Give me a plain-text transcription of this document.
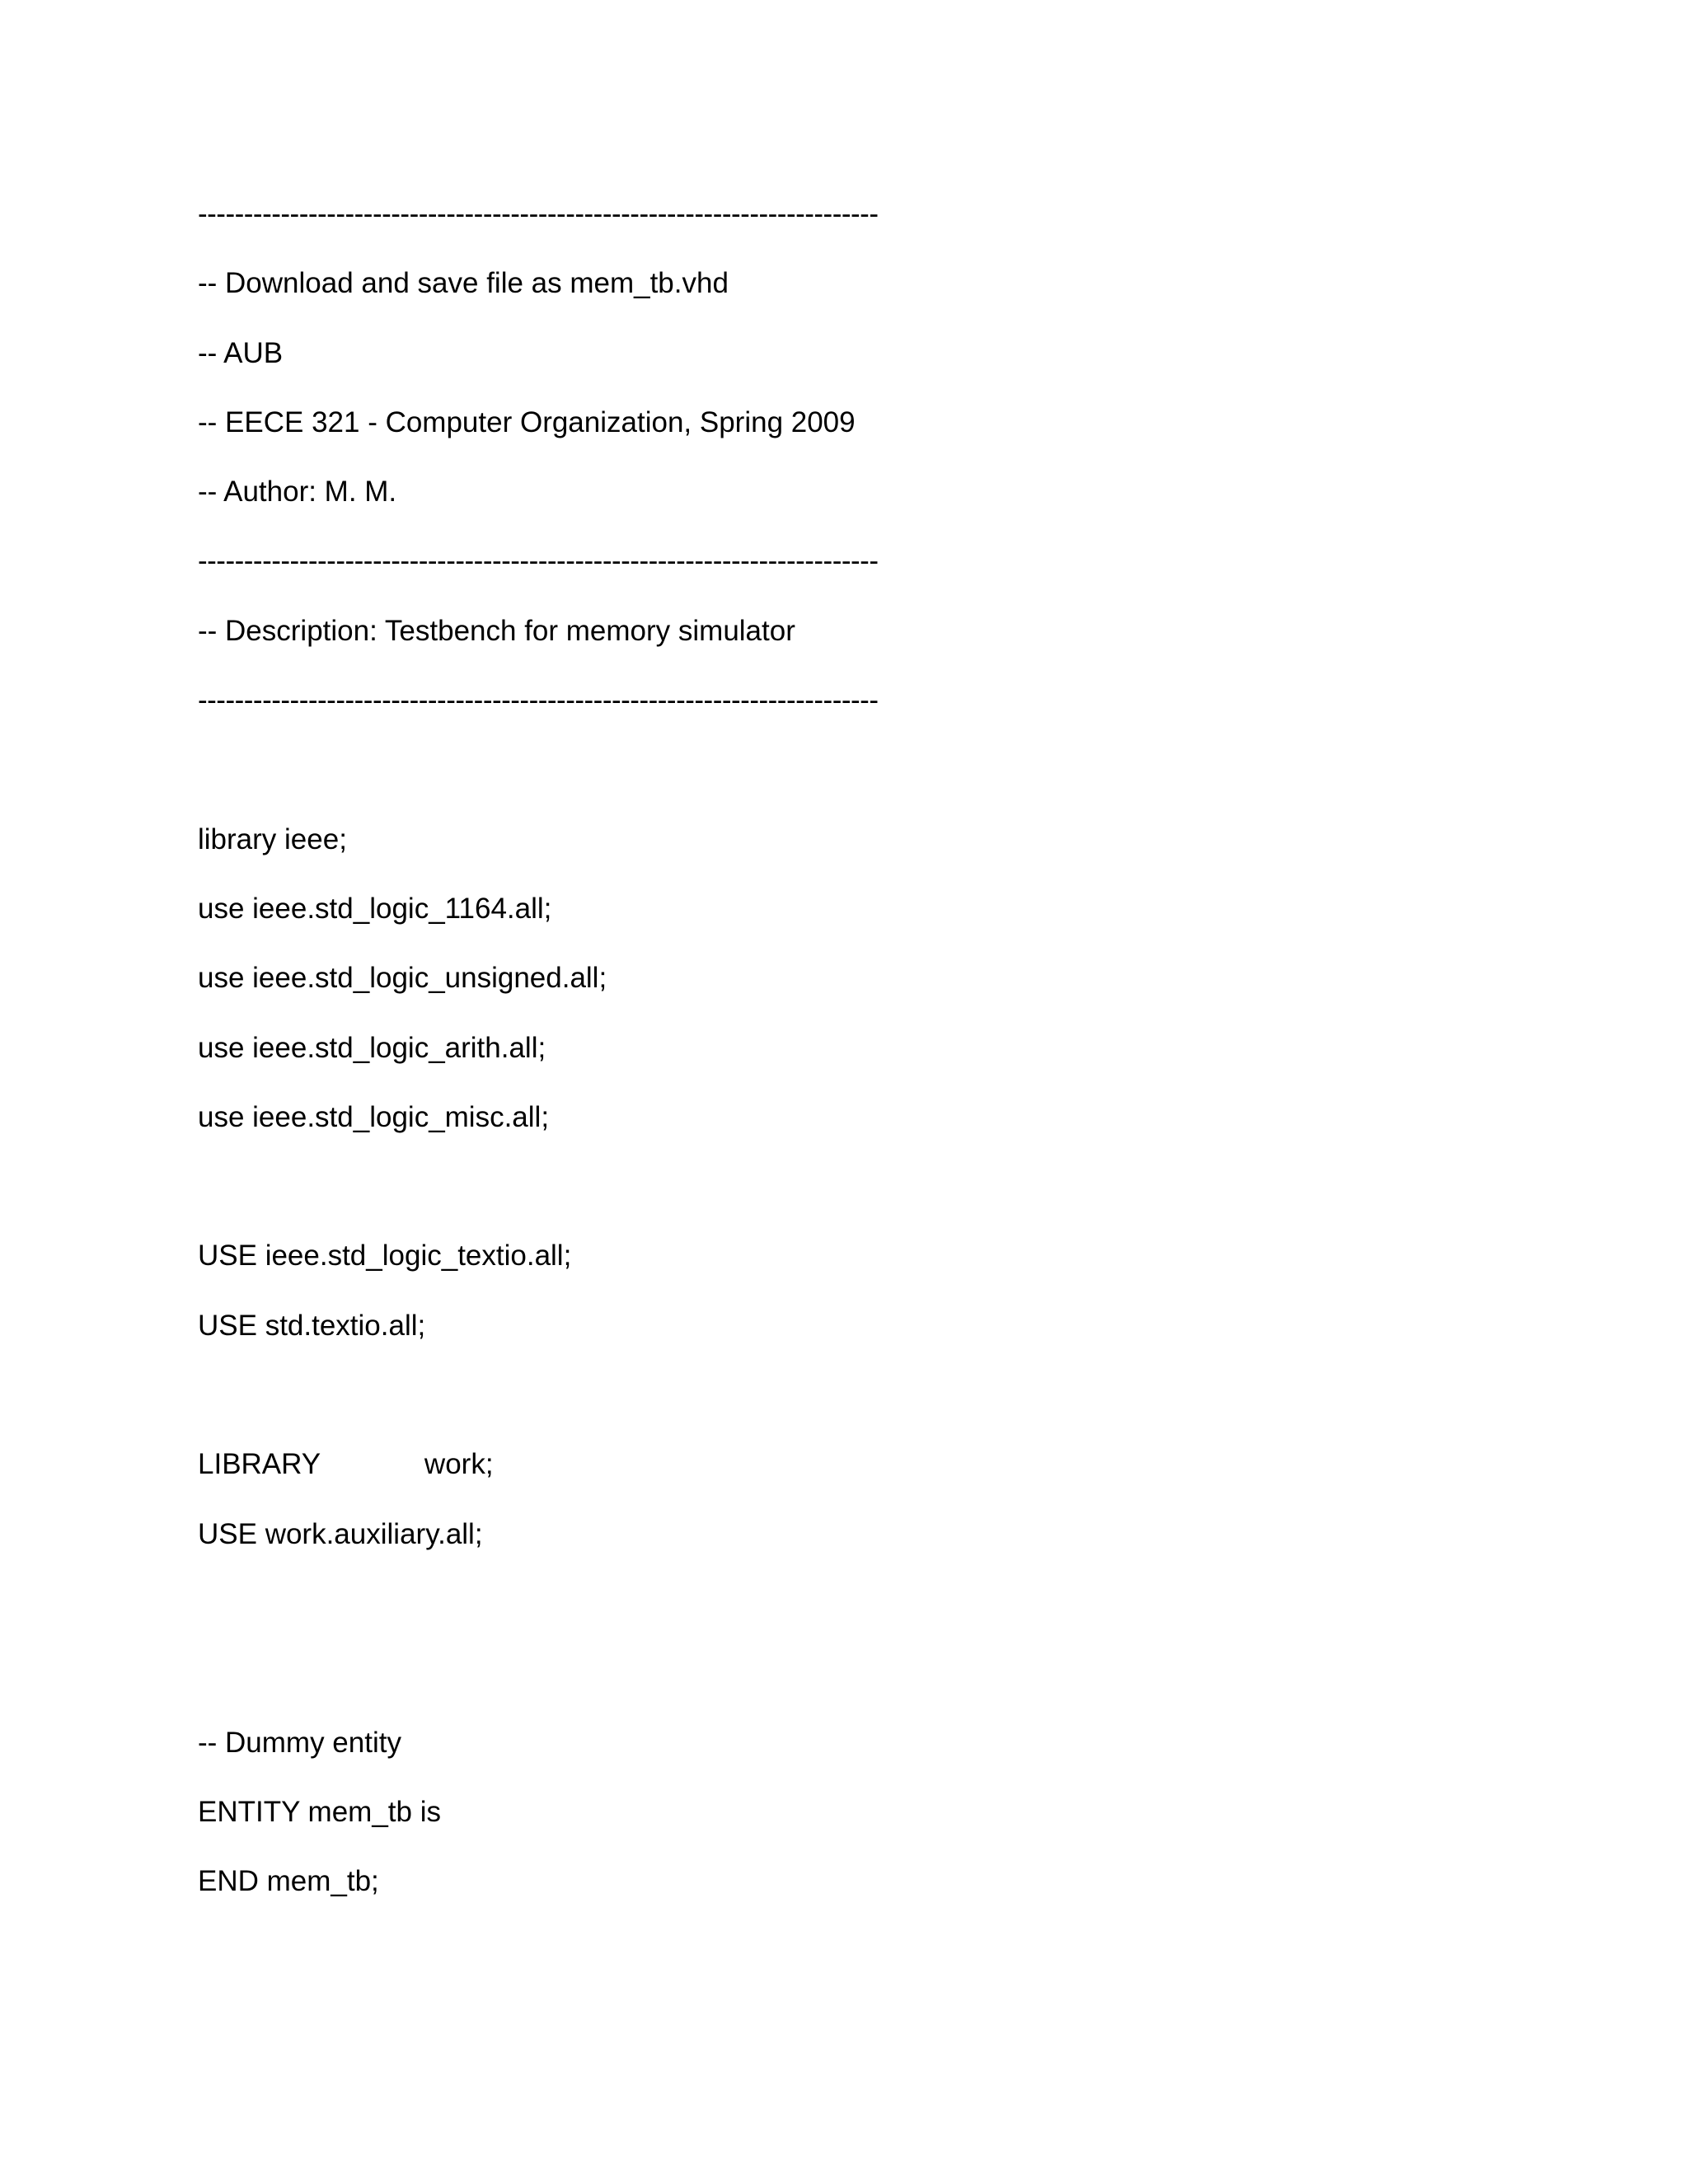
--------------------------------------------------------------------------
-- Download and save file as mem_tb.vhd
-- AUB
-- EECE 321 - Computer Organization, Spring 2009
-- Author: M. M.
--------------------------------------------------------------------------
-- Description: Testbench for memory simulator
--------------------------------------------------------------------------
library ieee;
use ieee.std_logic_1164.all;
use ieee.std_logic_unsigned.all;
use ieee.std_logic_arith.all;
use ieee.std_logic_misc.all;
USE ieee.std_logic_textio.all;
USE std.textio.all;
LIBRARY             work;
USE work.auxiliary.all;
-- Dummy entity
ENTITY mem_tb is
END mem_tb;
